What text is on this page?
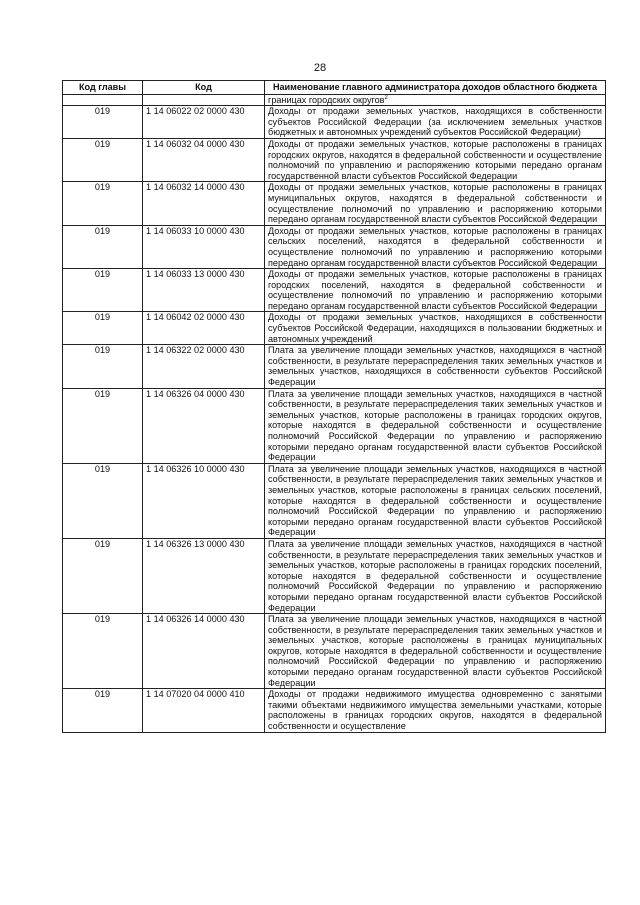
28
Код главы	Код	Наименование главного администратора доходов областного бюджета
		границах городских округов$^2$
019	1 14 06022 02 0000 430	Доходы от продажи земельных участков, находящихся в собственности субъектов Российской Федерации (за исключением земельных участков бюджетных и автономных учреждений субъектов Российской Федерации)
019	1 14 06032 04 0000 430	Доходы от продажи земельных участков, которые расположены в границах городских округов, находятся в федеральной собственности и осуществление полномочий по управлению и распоряжению которыми передано органам государственной власти субъектов Российской Федерации
019	1 14 06032 14 0000 430	Доходы от продажи земельных участков, которые расположены в границах муниципальных округов, находятся в федеральной собственности и осуществление полномочий по управлению и распоряжению которыми передано органам государственной власти субъектов Российской Федерации
019	1 14 06033 10 0000 430	Доходы от продажи земельных участков, которые расположены в границах сельских поселений, находятся в федеральной собственности и осуществление полномочий по управлению и распоряжению которыми передано органам государственной власти субъектов Российской Федерации
019	1 14 06033 13 0000 430	Доходы от продажи земельных участков, которые расположены в границах городских поселений, находятся в федеральной собственности и осуществление полномочий по управлению и распоряжению которыми передано органам государственной власти субъектов Российской Федерации
019	1 14 06042 02 0000 430	Доходы от продажи земельных участков, находящихся в собственности субъектов Российской Федерации, находящихся в пользовании бюджетных и автономных учреждений
019	1 14 06322 02 0000 430	Плата за увеличение площади земельных участков, находящихся в частной собственности, в результате перераспределения таких земельных участков и земельных участков, находящихся в собственности субъектов Российской Федерации
019	1 14 06326 04 0000 430	Плата за увеличение площади земельных участков, находящихся в частной собственности, в результате перераспределения таких земельных участков и земельных участков, которые расположены в границах городских округов, которые находятся в федеральной собственности и осуществление полномочий Российской Федерации по управлению и распоряжению которыми передано органам государственной власти субъектов Российской Федерации
019	1 14 06326 10 0000 430	Плата за увеличение площади земельных участков, находящихся в частной собственности, в результате перераспределения таких земельных участков и земельных участков, которые расположены в границах сельских поселений, которые находятся в федеральной собственности и осуществление полномочий Российской Федерации по управлению и распоряжению которыми передано органам государственной власти субъектов Российской Федерации
019	1 14 06326 13 0000 430	Плата за увеличение площади земельных участков, находящихся в частной собственности, в результате перераспределения таких земельных участков и земельных участков, которые расположены в границах городских поселений, которые находятся в федеральной собственности и осуществление полномочий Российской Федерации по управлению и распоряжению которыми передано органам государственной власти субъектов Российской Федерации
019	1 14 06326 14 0000 430	Плата за увеличение площади земельных участков, находящихся в частной собственности, в результате перераспределения таких земельных участков и земельных участков, которые расположены в границах муниципальных округов, которые находятся в федеральной собственности и осуществление полномочий Российской Федерации по управлению и распоряжению которыми передано органам государственной власти субъектов Российской Федерации
019	1 14 07020 04 0000 410	Доходы от продажи недвижимого имущества одновременно с занятыми такими объектами недвижимого имущества земельными участками, которые расположены в границах городских округов, находятся в федеральной собственности и осуществление
